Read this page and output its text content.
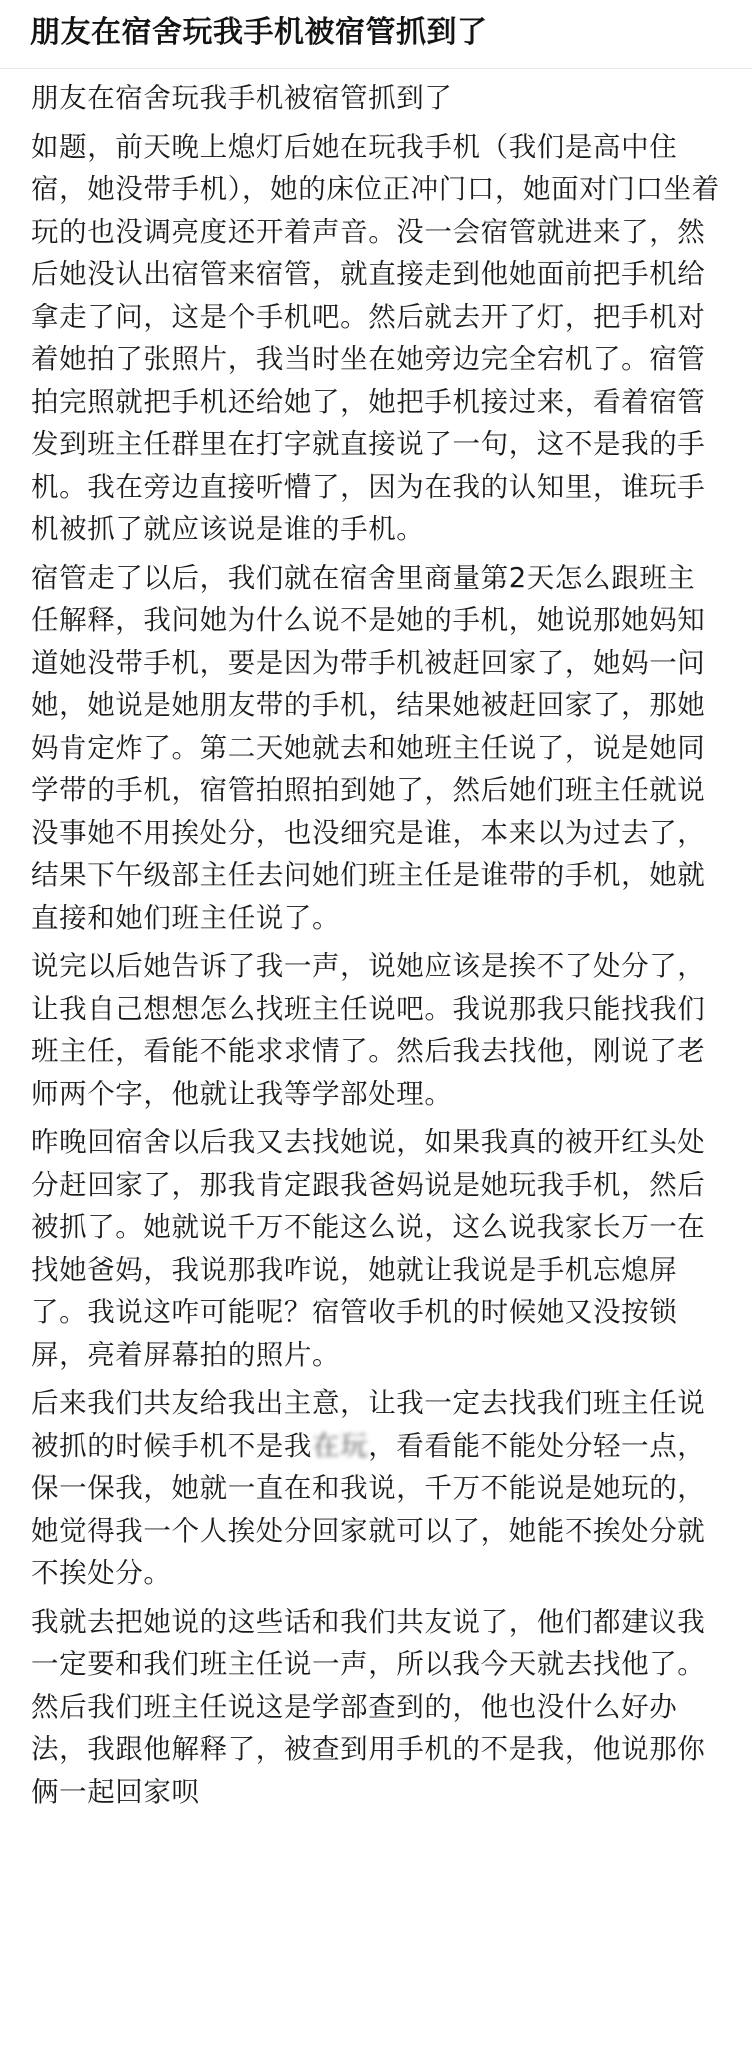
朋友在宿舍玩我手机被宿管抓到了

朋友在宿舍玩我手机被宿管抓到了

如题，前天晚上熄灯后她在玩我手机（我们是高中住宿，她没带手机），她的床位正冲门口，她面对门口坐着玩的也没调亮度还开着声音。没一会宿管就进来了，然后她没认出宿管来宿管，就直接走到他她面前把手机给拿走了问，这是个手机吧。然后就去开了灯，把手机对着她拍了张照片，我当时坐在她旁边完全宕机了。宿管拍完照就把手机还给她了，她把手机接过来，看着宿管发到班主任群里在打字就直接说了一句，这不是我的手机。我在旁边直接听懵了，因为在我的认知里，谁玩手机被抓了就应该说是谁的手机。

宿管走了以后，我们就在宿舍里商量第2天怎么跟班主任解释，我问她为什么说不是她的手机，她说那她妈知道她没带手机，要是因为带手机被赶回家了，她妈一问她，她说是她朋友带的手机，结果她被赶回家了，那她妈肯定炸了。第二天她就去和她班主任说了，说是她同学带的手机，宿管拍照拍到她了，然后她们班主任就说没事她不用挨处分，也没细究是谁，本来以为过去了，结果下午级部主任去问她们班主任是谁带的手机，她就直接和她们班主任说了。

说完以后她告诉了我一声，说她应该是挨不了处分了，让我自己想想怎么找班主任说吧。我说那我只能找我们班主任，看能不能求求情了。然后我去找他，刚说了老师两个字，他就让我等学部处理。

昨晚回宿舍以后我又去找她说，如果我真的被开红头处分赶回家了，那我肯定跟我爸妈说是她玩我手机，然后被抓了。她就说千万不能这么说，这么说我家长万一在找她爸妈，我说那我咋说，她就让我说是手机忘熄屏了。我说这咋可能呢？宿管收手机的时候她又没按锁屏，亮着屏幕拍的照片。

后来我们共友给我出主意，让我一定去找我们班主任说被抓的时候手机不是我在玩，看看能不能处分轻一点，保一保我，她就一直在和我说，千万不能说是她玩的，她觉得我一个人挨处分回家就可以了，她能不挨处分就不挨处分。

我就去把她说的这些话和我们共友说了，他们都建议我一定要和我们班主任说一声，所以我今天就去找他了。然后我们班主任说这是学部查到的，他也没什么好办法，我跟他解释了，被查到用手机的不是我，他说那你俩一起回家呗
